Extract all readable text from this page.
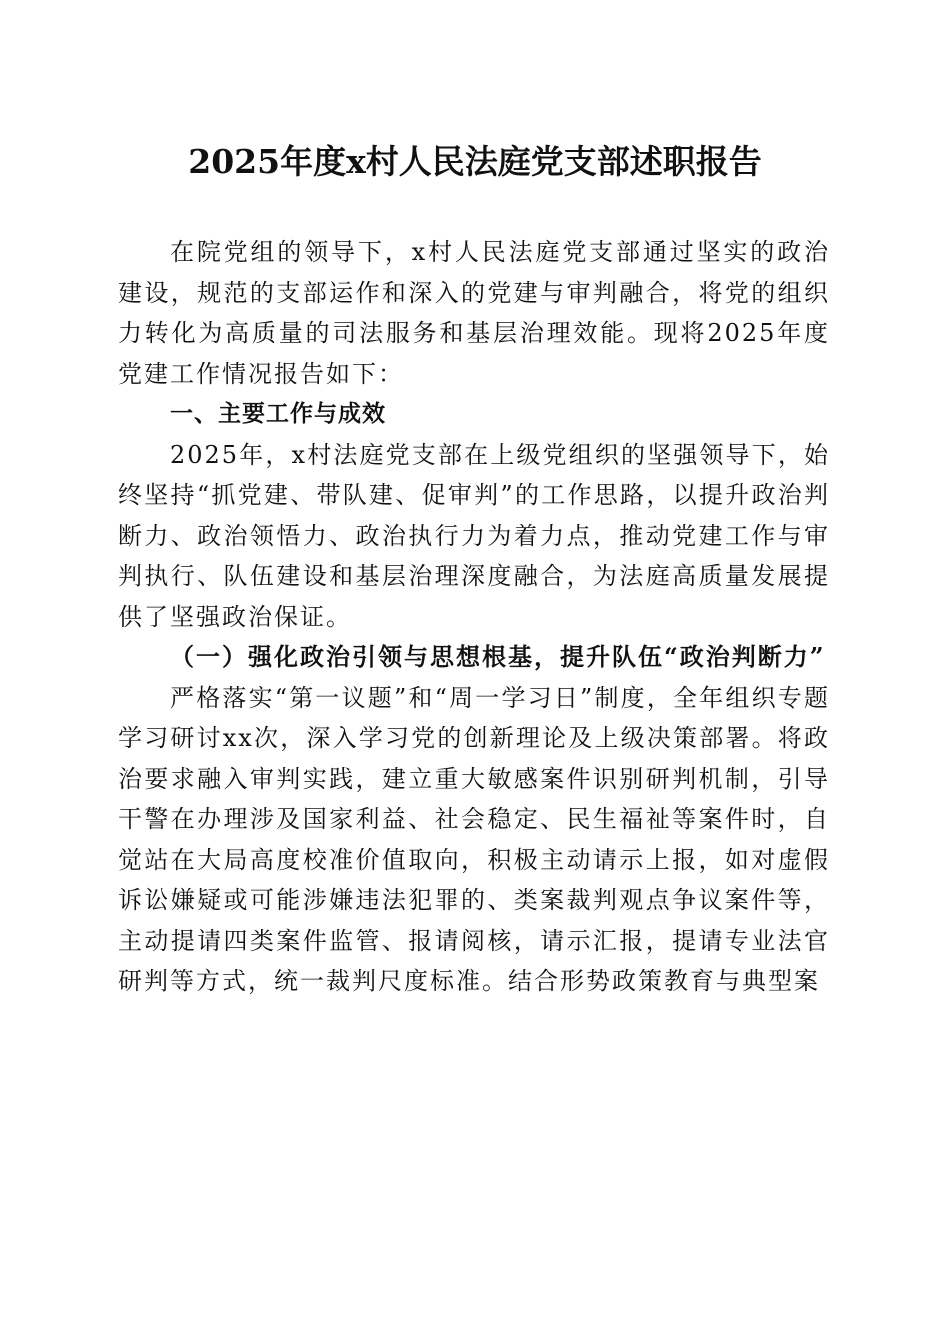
2025年度x村人民法庭党支部述职报告

在院党组的领导下，x村人民法庭党支部通过坚实的政治建设，规范的支部运作和深入的党建与审判融合，将党的组织力转化为高质量的司法服务和基层治理效能。现将2025年度党建工作情况报告如下：

一、主要工作与成效

2025年，x村法庭党支部在上级党组织的坚强领导下，始终坚持“抓党建、带队建、促审判”的工作思路，以提升政治判断力、政治领悟力、政治执行力为着力点，推动党建工作与审判执行、队伍建设和基层治理深度融合，为法庭高质量发展提供了坚强政治保证。

（一）强化政治引领与思想根基，提升队伍“政治判断力”

严格落实“第一议题”和“周一学习日”制度，全年组织专题学习研讨xx次，深入学习党的创新理论及上级决策部署。将政治要求融入审判实践，建立重大敏感案件识别研判机制，引导干警在办理涉及国家利益、社会稳定、民生福祉等案件时，自觉站在大局高度校准价值取向，积极主动请示上报，如对虚假诉讼嫌疑或可能涉嫌违法犯罪的、类案裁判观点争议案件等，主动提请四类案件监管、报请阅核，请示汇报，提请专业法官研判等方式，统一裁判尺度标准。结合形势政策教育与典型案
